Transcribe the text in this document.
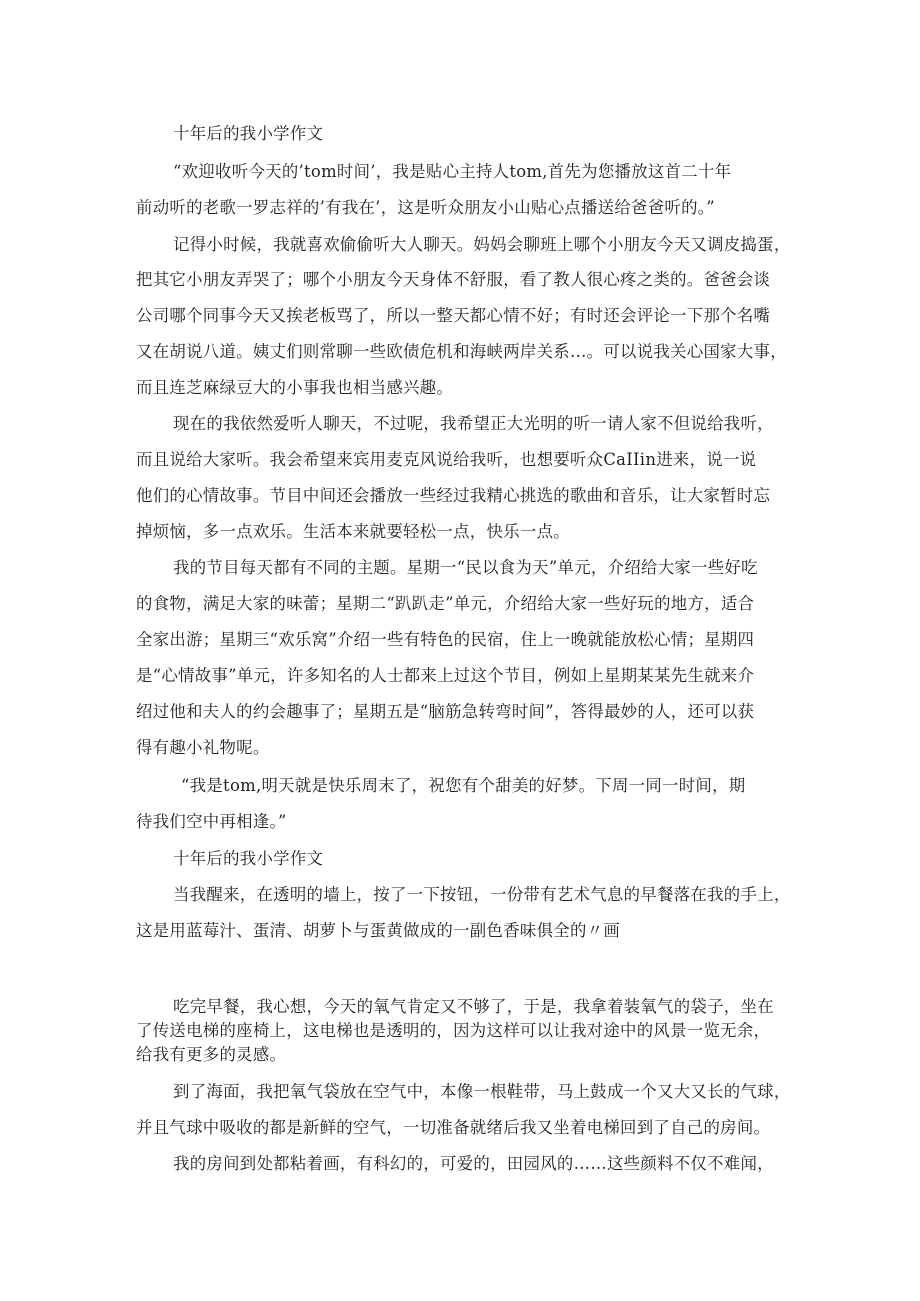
十年后的我小学作文
“欢迎收听今天的’tom时间’，我是贴心主持人tom,首先为您播放这首二十年
前动听的老歌一罗志祥的’有我在’，这是听众朋友小山贴心点播送给爸爸听的。”
记得小时候，我就喜欢偷偷听大人聊天。妈妈会聊班上哪个小朋友今天又调皮捣蛋，
把其它小朋友弄哭了；哪个小朋友今天身体不舒服，看了教人很心疼之类的。爸爸会谈
公司哪个同事今天又挨老板骂了，所以一整天都心情不好；有时还会评论一下那个名嘴
又在胡说八道。姨丈们则常聊一些欧债危机和海峡两岸关系…。可以说我关心国家大事，
而且连芝麻绿豆大的小事我也相当感兴趣。
现在的我依然爱听人聊天，不过呢，我希望正大光明的听一请人家不但说给我听，
而且说给大家听。我会希望来宾用麦克风说给我听，也想要听众CaIIin进来，说一说
他们的心情故事。节目中间还会播放一些经过我精心挑选的歌曲和音乐，让大家暂时忘
掉烦恼，多一点欢乐。生活本来就要轻松一点，快乐一点。
我的节目每天都有不同的主题。星期一“民以食为天”单元，介绍给大家一些好吃
的食物，满足大家的味蕾；星期二“趴趴走”单元，介绍给大家一些好玩的地方，适合
全家出游；星期三“欢乐窝”介绍一些有特色的民宿，住上一晚就能放松心情；星期四
是“心情故事”单元，许多知名的人士都来上过这个节目，例如上星期某某先生就来介
绍过他和夫人的约会趣事了；星期五是“脑筋急转弯时间”，答得最妙的人，还可以获
得有趣小礼物呢。
“我是tom,明天就是快乐周末了，祝您有个甜美的好梦。下周一同一时间，期
待我们空中再相逢。”
十年后的我小学作文
当我醒来，在透明的墙上，按了一下按钮，一份带有艺术气息的早餐落在我的手上，
这是用蓝莓汁、蛋清、胡萝卜与蛋黄做成的一副色香味俱全的〃画
吃完早餐，我心想，今天的氧气肯定又不够了，于是，我拿着装氧气的袋子，坐在
了传送电梯的座椅上，这电梯也是透明的，因为这样可以让我对途中的风景一览无余，
给我有更多的灵感。
到了海面，我把氧气袋放在空气中，本像一根鞋带，马上鼓成一个又大又长的气球，
并且气球中吸收的都是新鲜的空气，一切准备就绪后我又坐着电梯回到了自己的房间。
我的房间到处都粘着画，有科幻的，可爱的，田园风的……这些颜料不仅不难闻，
